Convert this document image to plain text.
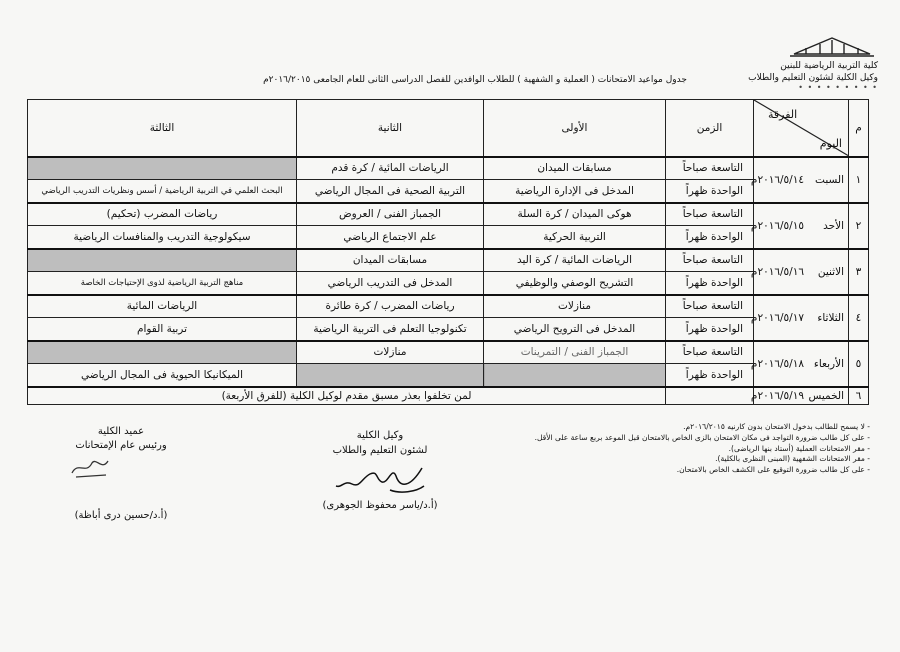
كلية التربية الرياضية للبنين
وكيل الكلية لشئون التعليم والطلاب
• • • • • • • • •
جدول مواعيد الامتحانات ( العملية و الشفهية ) للطلاب الوافدين للفصل الدراسى الثانى للعام الجامعى ٢٠١٦/٢٠١٥م
م	الفرقة
اليوم	الزمن	الأولى	الثانية	الثالثة
١	السبت٢٠١٦/٥/١٤م	التاسعة صباحاً	مسابقات الميدان	الرياضات المائية / كرة قدم	
		الواحدة ظهراً	المدخل فى الإدارة الرياضية	التربية الصحية فى المجال الرياضي	البحث العلمي في التربية الرياضية / أسس ونظريات التدريب الرياضي
٢	الأحد٢٠١٦/٥/١٥م	التاسعة صباحاً	هوكى الميدان / كرة السلة	الجمباز الفنى / العروض	رياضات المضرب (تحكيم)
		الواحدة ظهراً	التربية الحركية	علم الاجتماع الرياضي	سيكولوجية التدريب والمنافسات الرياضية
٣	الاثنين٢٠١٦/٥/١٦م	التاسعة صباحاً	الرياضات المائية / كرة اليد	مسابقات الميدان	
		الواحدة ظهراً	التشريح الوصفي والوظيفي	المدخل فى التدريب الرياضي	مناهج التربية الرياضية لذوى الإحتياجات الخاصة
٤	الثلاثاء٢٠١٦/٥/١٧م	التاسعة صباحاً	منازلات	رياضات المضرب / كرة طائرة	الرياضات المائية
		الواحدة ظهراً	المدخل فى الترويح الرياضي	تكنولوجيا التعلم فى التربية الرياضية	تربية القوام
٥	الأربعاء٢٠١٦/٥/١٨م	التاسعة صباحاً	الجمباز الفنى / التمرينات	منازلات	
		الواحدة ظهراً			الميكانيكا الحيوية فى المجال الرياضي
٦	الخميس٢٠١٦/٥/١٩م		لمن تخلفوا بعذر مسبق مقدم لوكيل الكلية (للفرق الأربعة)		
- لا يسمح للطالب بدخول الامتحان بدون كارنيه ٢٠١٦/٢٠١٥م.
- على كل طالب ضرورة التواجد فى مكان الامتحان بالزى الخاص بالامتحان قبل الموعد بربع ساعة على الأقل.
- مقر الامتحانات العملية (أستاد بنها الرياضى).
- مقر الامتحانات الشفهية (المبنى النظرى بالكلية).
- على كل طالب ضرورة التوقيع على الكشف الخاص بالامتحان.
وكيل الكلية
لشئون التعليم والطلاب
(أ.د/ياسر محفوظ الجوهرى)
عميد الكلية
ورئيس عام الإمتحانات
(أ.د/حسين درى أباظة)
